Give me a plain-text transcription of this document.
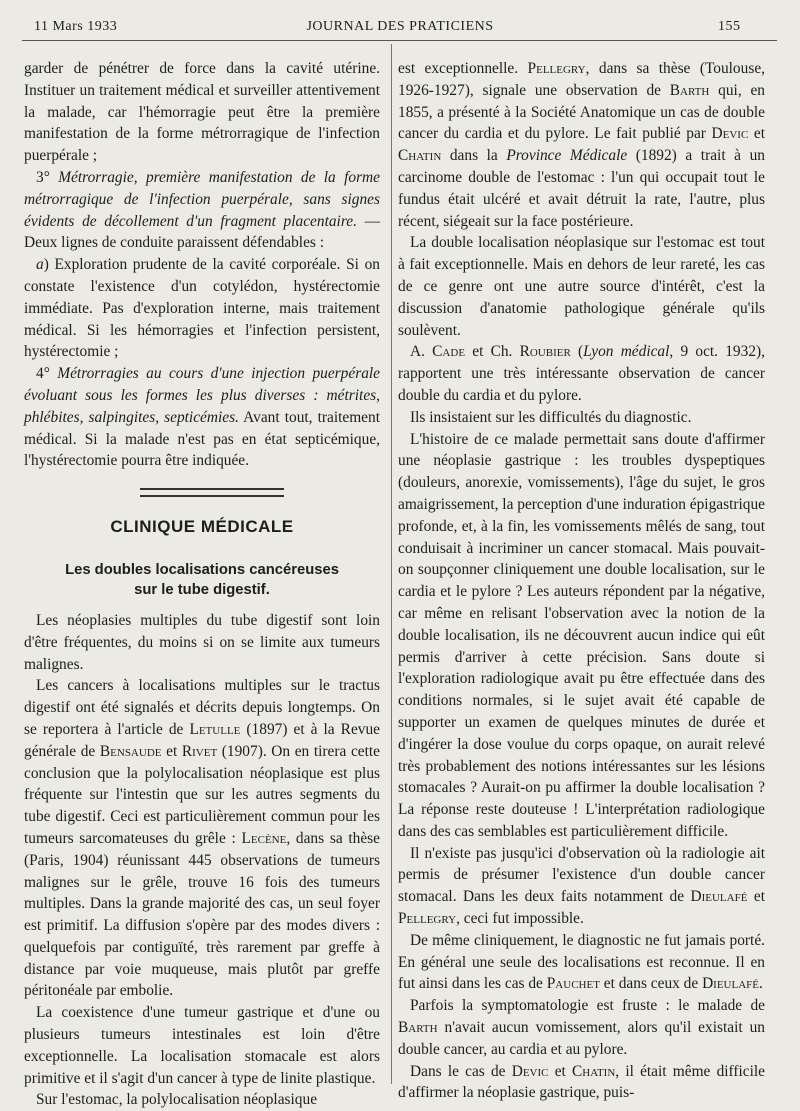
11 Mars 1933	JOURNAL DES PRATICIENS	155

garder de pénétrer de force dans la cavité utérine. Instituer un traitement médical et surveiller attentivement la malade, car l'hémorragie peut être la première manifestation de la forme métrorragique de l'infection puerpérale ;

3° Métrorragie, première manifestation de la forme métrorragique de l'infection puerpérale, sans signes évidents de décollement d'un fragment placentaire. — Deux lignes de conduite paraissent défendables :

a) Exploration prudente de la cavité corporéale. Si on constate l'existence d'un cotylédon, hystérectomie immédiate. Pas d'exploration interne, mais traitement médical. Si les hémorragies et l'infection persistent, hystérectomie ;

4° Métrorragies au cours d'une injection puerpérale évoluant sous les formes les plus diverses : métrites, phlébites, salpingites, septicémies. Avant tout, traitement médical. Si la malade n'est pas en état septicémique, l'hystérectomie pourra être indiquée.

CLINIQUE MÉDICALE
Les doubles localisations cancéreuses
sur le tube digestif.

Les néoplasies multiples du tube digestif sont loin d'être fréquentes, du moins si on se limite aux tumeurs malignes.

Les cancers à localisations multiples sur le tractus digestif ont été signalés et décrits depuis longtemps. On se reportera à l'article de Letulle (1897) et à la Revue générale de Bensaude et Rivet (1907). On en tirera cette conclusion que la polylocalisation néoplasique est plus fréquente sur l'intestin que sur les autres segments du tube digestif. Ceci est particulièrement commun pour les tumeurs sarcomateuses du grêle : Lecène, dans sa thèse (Paris, 1904) réunissant 445 observations de tumeurs malignes sur le grêle, trouve 16 fois des tumeurs multiples. Dans la grande majorité des cas, un seul foyer est primitif. La diffusion s'opère par des modes divers : quelquefois par contiguïté, très rarement par greffe à distance par voie muqueuse, mais plutôt par greffe péritonéale par embolie.

La coexistence d'une tumeur gastrique et d'une ou plusieurs tumeurs intestinales est loin d'être exceptionnelle. La localisation stomacale est alors primitive et il s'agit d'un cancer à type de linite plastique.

Sur l'estomac, la polylocalisation néoplasique

est exceptionnelle. Pellegry, dans sa thèse (Toulouse, 1926-1927), signale une observation de Barth qui, en 1855, a présenté à la Société Anatomique un cas de double cancer du cardia et du pylore. Le fait publié par Devic et Chatin dans la Province Médicale (1892) a trait à un carcinome double de l'estomac : l'un qui occupait tout le fundus était ulcéré et avait détruit la rate, l'autre, plus récent, siégeait sur la face postérieure.

La double localisation néoplasique sur l'estomac est tout à fait exceptionnelle. Mais en dehors de leur rareté, les cas de ce genre ont une autre source d'intérêt, c'est la discussion d'anatomie pathologique générale qu'ils soulèvent.

A. Cade et Ch. Roubier (Lyon médical, 9 oct. 1932), rapportent une très intéressante observation de cancer double du cardia et du pylore.

Ils insistaient sur les difficultés du diagnostic.

L'histoire de ce malade permettait sans doute d'affirmer une néoplasie gastrique : les troubles dyspeptiques (douleurs, anorexie, vomissements), l'âge du sujet, le gros amaigrissement, la perception d'une induration épigastrique profonde, et, à la fin, les vomissements mêlés de sang, tout conduisait à incriminer un cancer stomacal. Mais pouvait-on soupçonner cliniquement une double localisation, sur le cardia et le pylore ? Les auteurs répondent par la négative, car même en relisant l'observation avec la notion de la double localisation, ils ne découvrent aucun indice qui eût permis d'arriver à cette précision. Sans doute si l'exploration radiologique avait pu être effectuée dans des conditions normales, si le sujet avait été capable de supporter un examen de quelques minutes de durée et d'ingérer la dose voulue du corps opaque, on aurait relevé très probablement des notions intéressantes sur les lésions stomacales ? Aurait-on pu affirmer la double localisation ? La réponse reste douteuse ! L'interprétation radiologique dans des cas semblables est particulièrement difficile.

Il n'existe pas jusqu'ici d'observation où la radiologie ait permis de présumer l'existence d'un double cancer stomacal. Dans les deux faits notamment de Dieulafé et Pellegry, ceci fut impossible.

De même cliniquement, le diagnostic ne fut jamais porté. En général une seule des localisations est reconnue. Il en fut ainsi dans les cas de Pauchet et dans ceux de Dieulafé.

Parfois la symptomatologie est fruste : le malade de Barth n'avait aucun vomissement, alors qu'il existait un double cancer, au cardia et au pylore.

Dans le cas de Devic et Chatin, il était même difficile d'affirmer la néoplasie gastrique, puis-
